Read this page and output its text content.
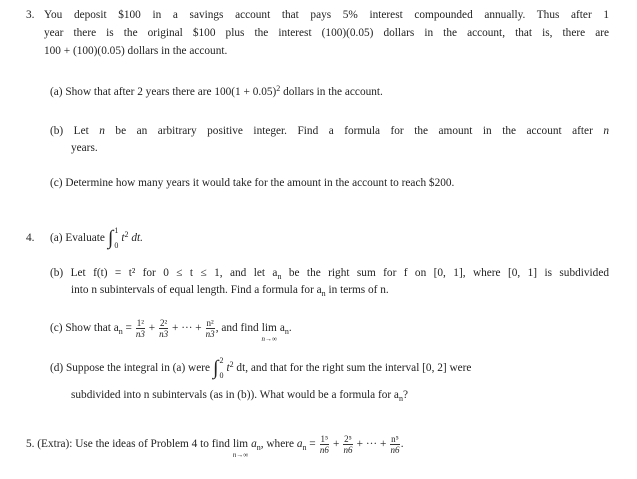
3. You deposit $100 in a savings account that pays 5% interest compounded annually. Thus after 1
year there is the original $100 plus the interest (100)(0.05) dollars in the account, that is, there are
100 + (100)(0.05) dollars in the account.
(a) Show that after 2 years there are $100(1 + 0.05)^2$ dollars in the account.
(b) Let n be an arbitrary positive integer. Find a formula for the amount in the account after n
years.
(c) Determine how many years it would take for the amount in the account to reach $200.
4. (a) Evaluate ∫ 1
0
$t^2$ dt.
(b) Let f(t) = t² for 0 ≤ t ≤ 1, and let $a_n$ be the right sum for f on [0, 1], where [0, 1] is subdivided
into n subintervals of equal length. Find a formula for $a_n$ in terms of n.
(c) Show that $a_n = \frac{\text{1²}}{n3} + \frac{\text{2²}}{n3}$ + ··· + $\frac{\text{n²}}{n3}$ , and find lim
n→∞
$a_n$.
(d) Suppose the integral in (a) were ∫ 2
0
$t^2$ dt, and that for the right sum the interval [0, 2] were
subdivided into n subintervals (as in (b)). What would be a formula for $a_n$?
5. (Extra): Use the ideas of Problem 4 to find lim
n→∞
$a_n$, where $a_n = \frac{\text{1⁵}}{n6} + \frac{\text{2⁵}}{n6}$ + ··· + $\frac{\text{n⁵}}{n6}$ .
